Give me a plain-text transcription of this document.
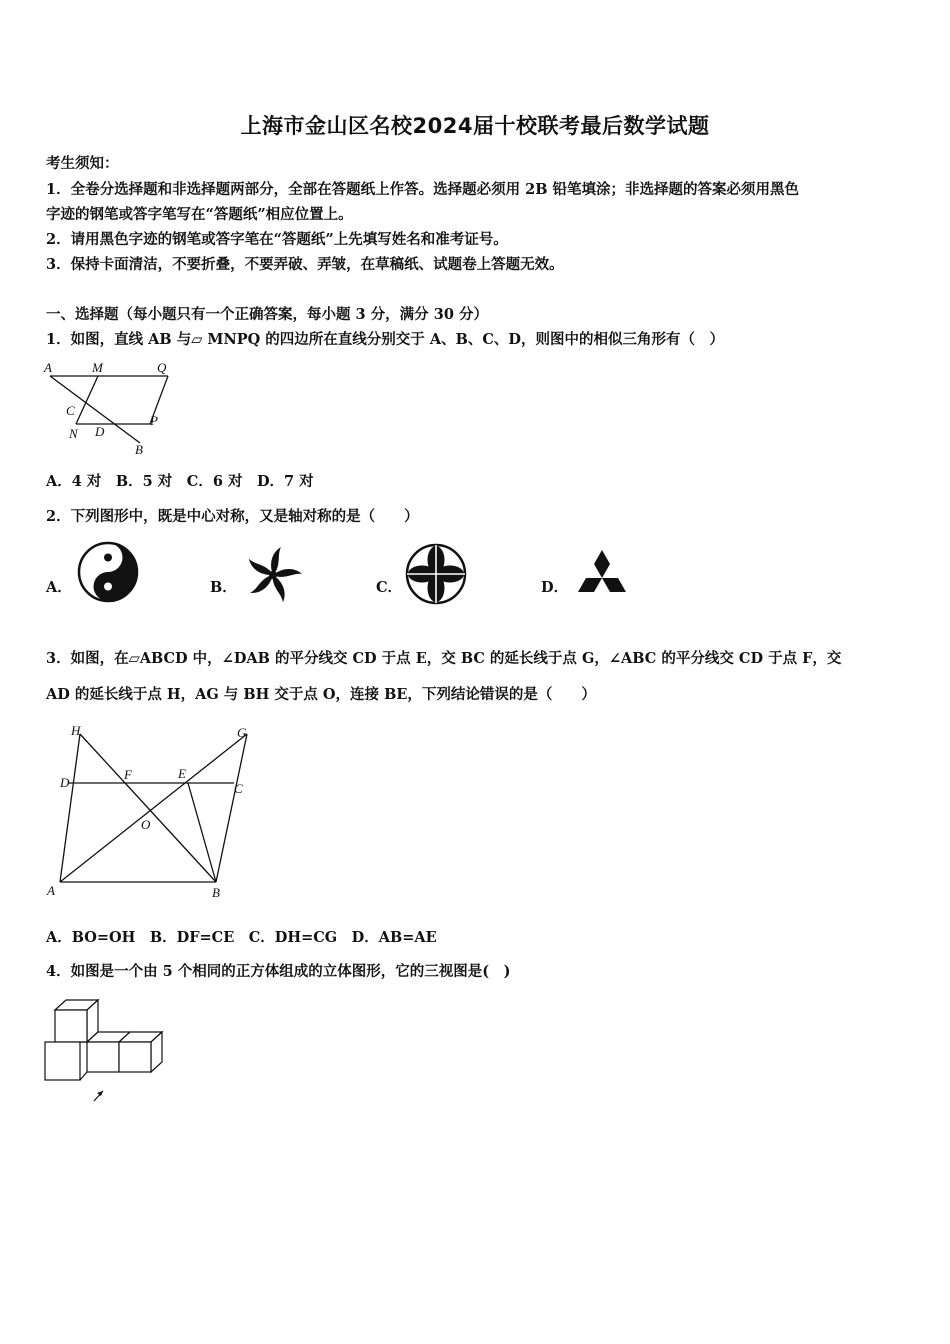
上海市金山区名校2024届十校联考最后数学试题
考生须知：
1．全卷分选择题和非选择题两部分，全部在答题纸上作答。选择题必须用 2B 铅笔填涂；非选择题的答案必须用黑色
字迹的钢笔或答字笔写在“答题纸”相应位置上。
2．请用黑色字迹的钢笔或答字笔在“答题纸”上先填写姓名和准考证号。
3．保持卡面清洁，不要折叠，不要弄破、弄皱，在草稿纸、试题卷上答题无效。
一、选择题（每小题只有一个正确答案，每小题 3 分，满分 30 分）
1．如图，直线 AB 与▱ MNPQ 的四边所在直线分别交于 A、B、C、D，则图中的相似三角形有（　）
A	M	Q
C
P
N D
B
A．4 对　B．5 对　C．6 对　D．7 对
2．下列图形中，既是中心对称，又是轴对称的是（　　）
A．	B．	C．	D．
3．如图，在▱ABCD 中，∠DAB 的平分线交 CD 于点 E，交 BC 的延长线于点 G，∠ABC 的平分线交 CD 于点 F，交
AD 的延长线于点 H，AG 与 BH 交于点 O，连接 BE，下列结论错误的是（　　）
H	G
D
F	E
C
O
A	B
A．BO=OH　B．DF=CE　C．DH=CG　D．AB=AE
4．如图是一个由 5 个相同的正方体组成的立体图形，它的三视图是(　)
